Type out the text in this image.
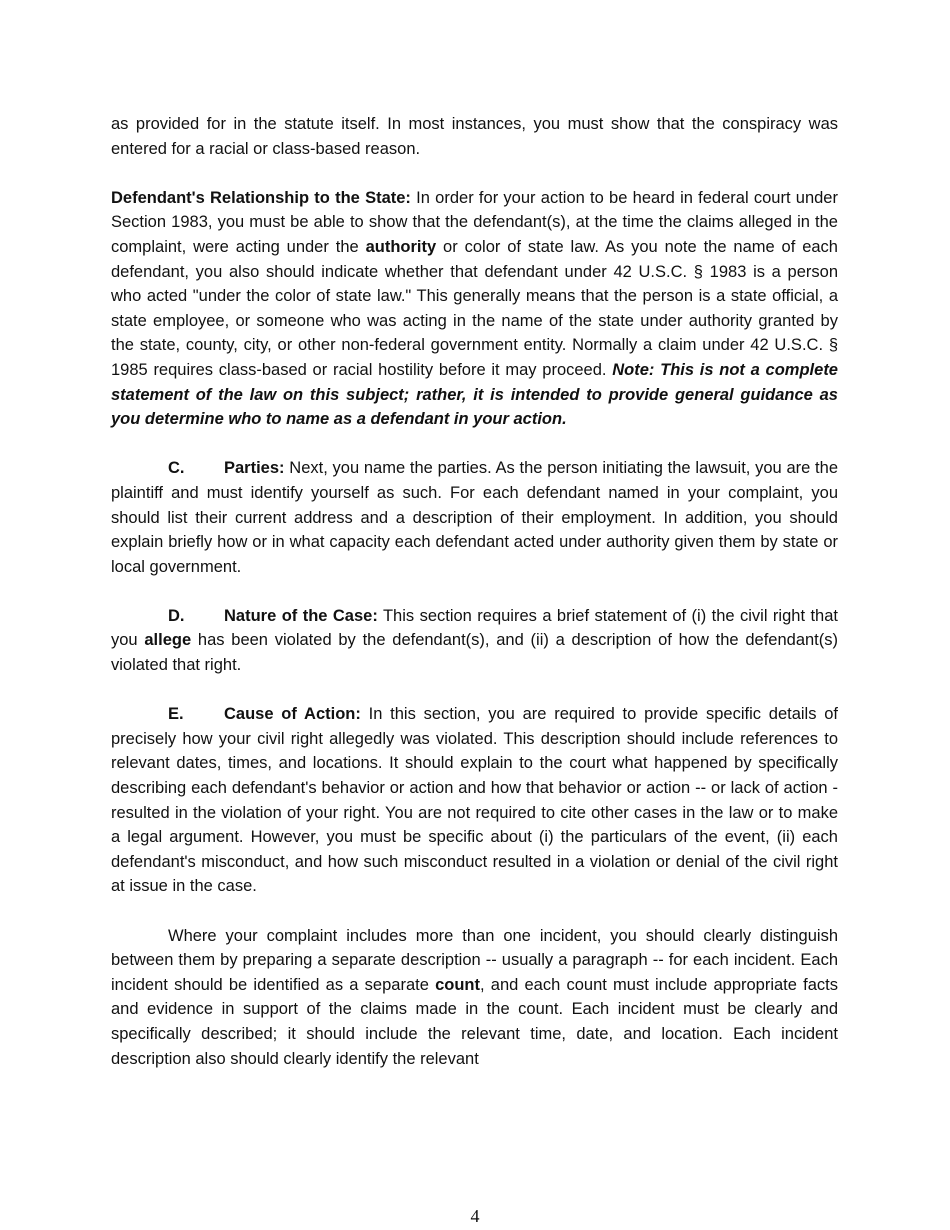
as provided for in the statute itself. In most instances, you must show that the conspiracy was entered for a racial or class-based reason.

Defendant's Relationship to the State: In order for your action to be heard in federal court under Section 1983, you must be able to show that the defendant(s), at the time the claims alleged in the complaint, were acting under the authority or color of state law. As you note the name of each defendant, you also should indicate whether that defendant under 42 U.S.C. § 1983 is a person who acted "under the color of state law." This generally means that the person is a state official, a state employee, or someone who was acting in the name of the state under authority granted by the state, county, city, or other non-federal government entity. Normally a claim under 42 U.S.C. § 1985 requires class-based or racial hostility before it may proceed. Note: This is not a complete statement of the law on this subject; rather, it is intended to provide general guidance as you determine who to name as a defendant in your action.

C. Parties: Next, you name the parties. As the person initiating the lawsuit, you are the plaintiff and must identify yourself as such. For each defendant named in your complaint, you should list their current address and a description of their employment. In addition, you should explain briefly how or in what capacity each defendant acted under authority given them by state or local government.

D. Nature of the Case: This section requires a brief statement of (i) the civil right that you allege has been violated by the defendant(s), and (ii) a description of how the defendant(s) violated that right.

E. Cause of Action: In this section, you are required to provide specific details of precisely how your civil right allegedly was violated. This description should include references to relevant dates, times, and locations. It should explain to the court what happened by specifically describing each defendant's behavior or action and how that behavior or action -- or lack of action -resulted in the violation of your right. You are not required to cite other cases in the law or to make a legal argument. However, you must be specific about (i) the particulars of the event, (ii) each defendant's misconduct, and how such misconduct resulted in a violation or denial of the civil right at issue in the case.

Where your complaint includes more than one incident, you should clearly distinguish between them by preparing a separate description -- usually a paragraph -- for each incident. Each incident should be identified as a separate count, and each count must include appropriate facts and evidence in support of the claims made in the count. Each incident must be clearly and specifically described; it should include the relevant time, date, and location. Each incident description also should clearly identify the relevant

4
